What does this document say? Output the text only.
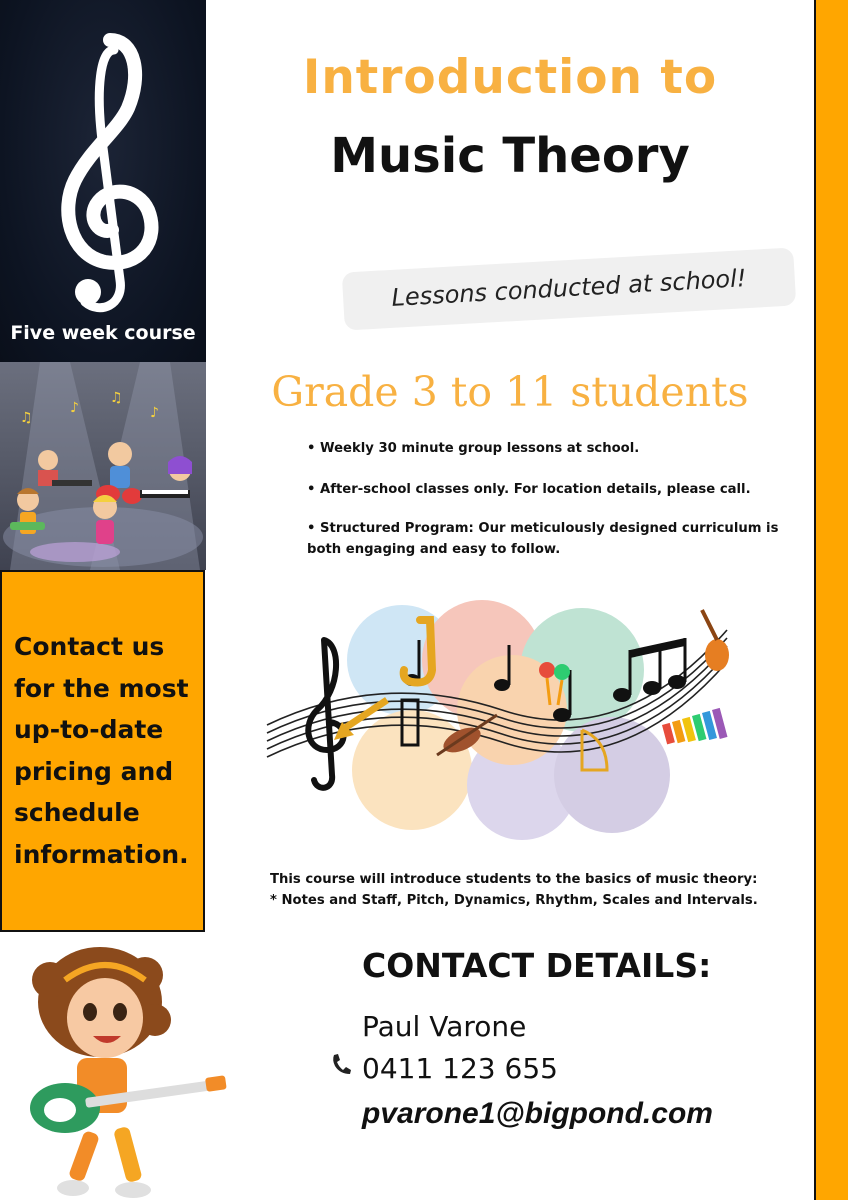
Five week course
♪
♫
♪
♫
Contact us
for the most
up-to-date
pricing and
schedule
information.
Introduction to
Music Theory
Lessons conducted at school!
Grade 3 to 11 students
• Weekly 30 minute group lessons at school.
• After-school classes only. For location details, please call.
• Structured Program: Our meticulously designed curriculum is both engaging and easy to follow.
This course will introduce students to the basics of music theory:
* Notes and Staff, Pitch, Dynamics, Rhythm, Scales and Intervals.
CONTACT DETAILS:
Paul Varone
0411 123 655
pvarone1@bigpond.com
